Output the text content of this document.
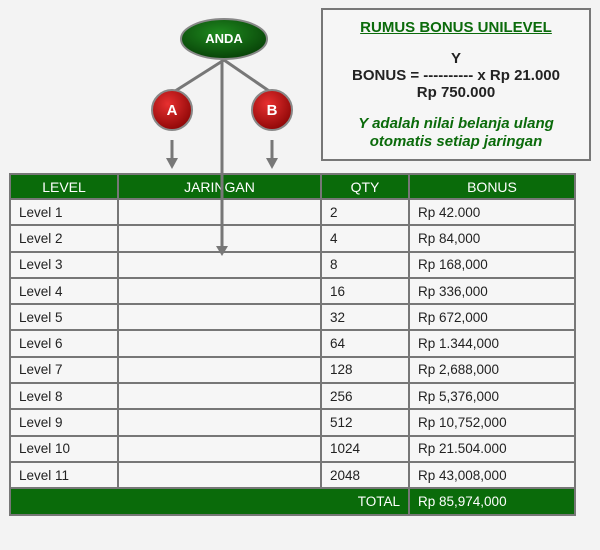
LEVEL	JARINGAN	QTY	BONUS
Level 1		2	Rp 42.000
Level 2		4	Rp 84,000
Level 3		8	Rp 168,000
Level 4		16	Rp 336,000
Level 5		32	Rp 672,000
Level 6		64	Rp 1.344,000
Level 7		128	Rp 2,688,000
Level 8		256	Rp 5,376,000
Level 9		512	Rp 10,752,000
Level 10		1024	Rp 21.504.000
Level 11		2048	Rp 43,008,000
TOTAL			Rp 85,974,000
ANDA
A	B
RUMUS BONUS UNILEVEL
Y
BONUS = ---------- x Rp 21.000
Rp 750.000
Y adalah nilai belanja ulang
otomatis setiap jaringan
